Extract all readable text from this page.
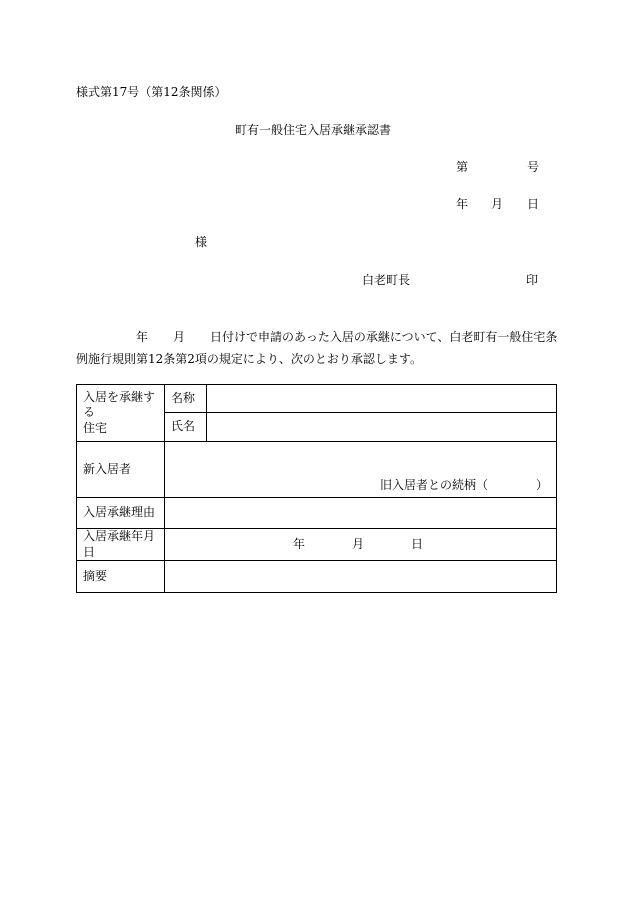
様式第17号（第12条関係）
町有一般住宅入居承継承認書
第	号
年 月 日
様
白老町長	印
年 月 日付けで申請のあった入居の承継について、白老町有一般住宅条
例施行規則第12条第2項の規定により、次のとおり承認します。
入居を承継する
住宅	名称	
	氏名	
新入居者	旧入居者との続柄（　　　　）	

入居承継理由		
入居承継年月日	年 月 日	
摘要		
